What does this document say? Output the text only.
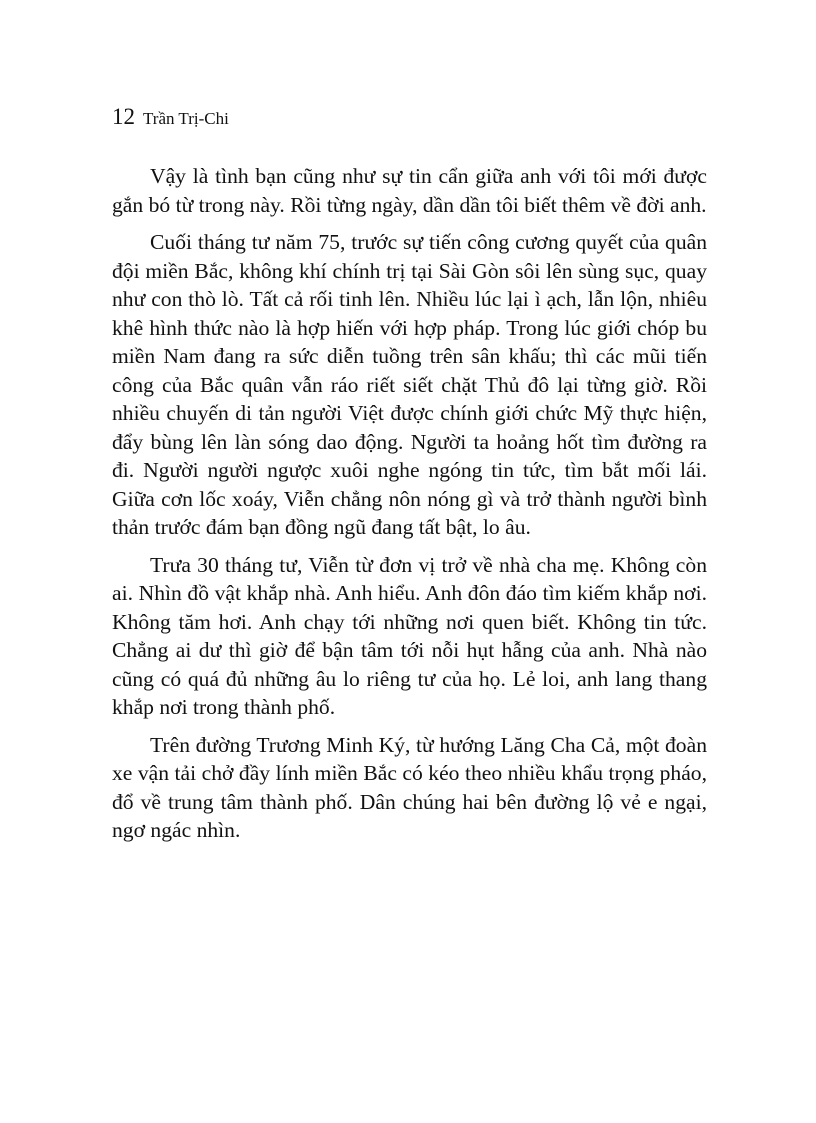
12 Trần Trị-Chi

Vậy là tình bạn cũng như sự tin cẩn giữa anh với tôi mới được gắn bó từ trong này. Rồi từng ngày, dần dần tôi biết thêm về đời anh.

Cuối tháng tư năm 75, trước sự tiến công cương quyết của quân đội miền Bắc, không khí chính trị tại Sài Gòn sôi lên sùng sục, quay như con thò lò. Tất cả rối tinh lên. Nhiều lúc lại ì ạch, lẫn lộn, nhiêu khê hình thức nào là hợp hiến với hợp pháp. Trong lúc giới chóp bu miền Nam đang ra sức diễn tuồng trên sân khấu; thì các mũi tiến công của Bắc quân vẫn ráo riết siết chặt Thủ đô lại từng giờ. Rồi nhiều chuyến di tản người Việt được chính giới chức Mỹ thực hiện, đẩy bùng lên làn sóng dao động. Người ta hoảng hốt tìm đường ra đi. Người người ngược xuôi nghe ngóng tin tức, tìm bắt mối lái. Giữa cơn lốc xoáy, Viễn chẳng nôn nóng gì và trở thành người bình thản trước đám bạn đồng ngũ đang tất bật, lo âu.

Trưa 30 tháng tư, Viễn từ đơn vị trở về nhà cha mẹ. Không còn ai. Nhìn đồ vật khắp nhà. Anh hiểu. Anh đôn đáo tìm kiếm khắp nơi. Không tăm hơi. Anh chạy tới những nơi quen biết. Không tin tức. Chẳng ai dư thì giờ để bận tâm tới nỗi hụt hẫng của anh. Nhà nào cũng có quá đủ những âu lo riêng tư của họ. Lẻ loi, anh lang thang khắp nơi trong thành phố.

Trên đường Trương Minh Ký, từ hướng Lăng Cha Cả, một đoàn xe vận tải chở đầy lính miền Bắc có kéo theo nhiều khẩu trọng pháo, đổ về trung tâm thành phố. Dân chúng hai bên đường lộ vẻ e ngại, ngơ ngác nhìn.
